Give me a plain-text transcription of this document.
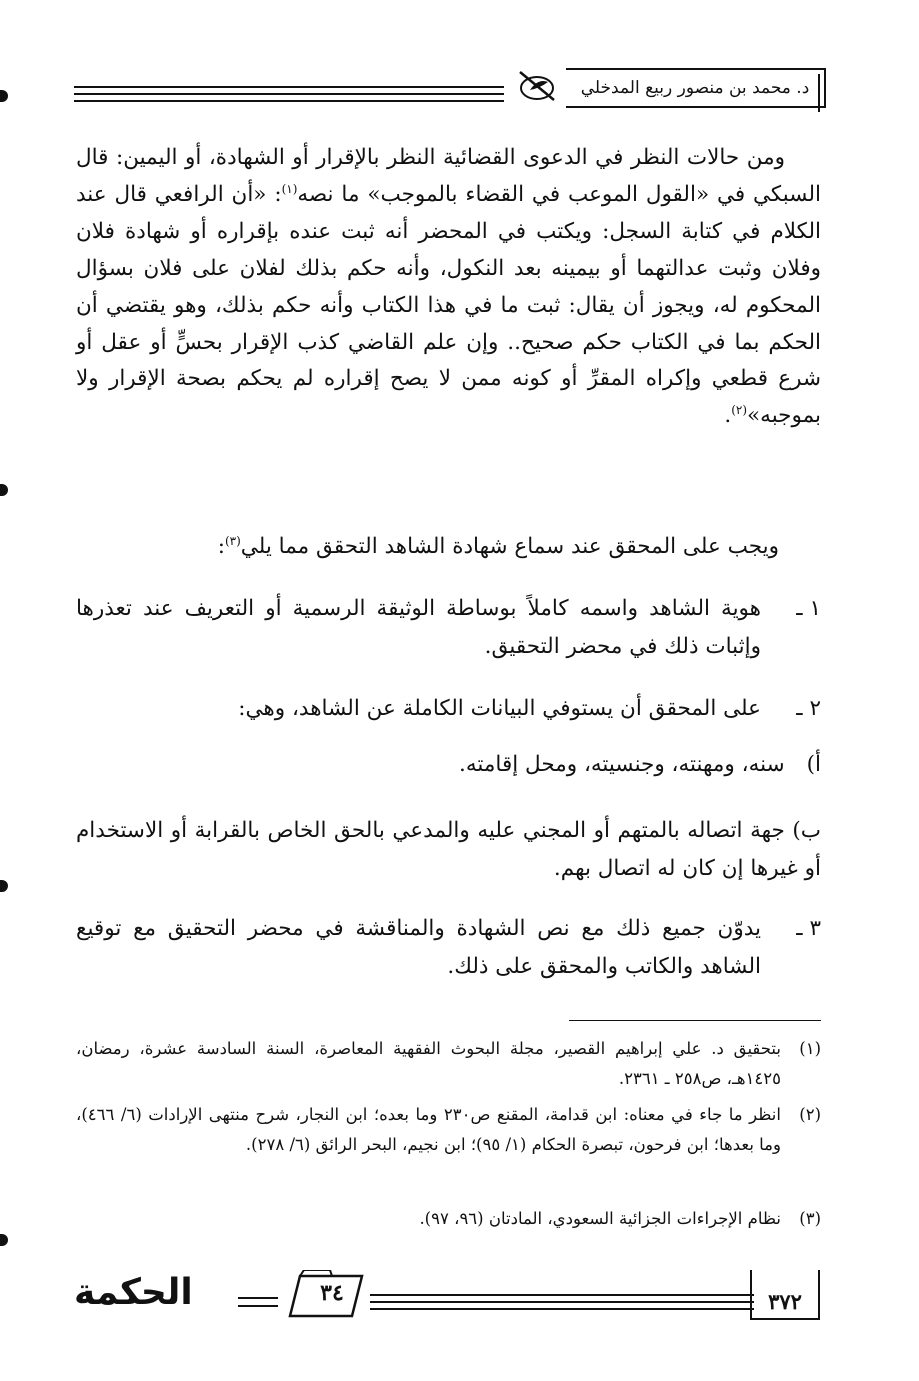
د. محمد بن منصور ربيع المدخلي

ومن حالات النظر في الدعوى القضائية النظر بالإقرار أو الشهادة، أو اليمين: قال السبكي في «القول الموعب في القضاء بالموجب» ما نصه$^{(١)}$: «أن الرافعي قال عند الكلام في كتابة السجل: ويكتب في المحضر أنه ثبت عنده بإقراره أو شهادة فلان وفلان وثبت عدالتهما أو بيمينه بعد النكول، وأنه حكم بذلك لفلان على فلان بسؤال المحكوم له، ويجوز أن يقال: ثبت ما في هذا الكتاب وأنه حكم بذلك، وهو يقتضي أن الحكم بما في الكتاب حكم صحيح.. وإن علم القاضي كذب الإقرار بحسٍّ أو عقل أو شرع قطعي وإكراه المقرِّ أو كونه ممن لا يصح إقراره لم يحكم بصحة الإقرار ولا بموجبه»$^{(٢)}$.

ويجب على المحقق عند سماع شهادة الشاهد التحقق مما يلي$^{(٣)}$:
١ ـ
هوية الشاهد واسمه كاملاً بوساطة الوثيقة الرسمية أو التعريف عند تعذرها وإثبات ذلك في محضر التحقيق.
٢ ـ
على المحقق أن يستوفي البيانات الكاملة عن الشاهد، وهي:
أ)سنه، ومهنته، وجنسيته، ومحل إقامته.
ب) جهة اتصاله بالمتهم أو المجني عليه والمدعي بالحق الخاص بالقرابة أو الاستخدام أو غيرها إن كان له اتصال بهم.
٣ ـ
يدوّن جميع ذلك مع نص الشهادة والمناقشة في محضر التحقيق مع توقيع الشاهد والكاتب والمحقق على ذلك.
(١)
بتحقيق د. علي إبراهيم القصير، مجلة البحوث الفقهية المعاصرة، السنة السادسة عشرة، رمضان، ١٤٢٥هـ، ص٢٥٨ ـ ٢٣٦١.
(٢)
انظر ما جاء في معناه: ابن قدامة، المقنع ص٢٣٠ وما بعده؛ ابن النجار، شرح منتهى الإرادات (٦/ ٤٦٦)، وما بعدها؛ ابن فرحون، تبصرة الحكام (١/ ٩٥)؛ ابن نجيم، البحر الرائق (٦/ ٢٧٨).
(٣)
نظام الإجراءات الجزائية السعودي، المادتان (٩٦، ٩٧).
٣٧٢
٣٤
الحكمة
